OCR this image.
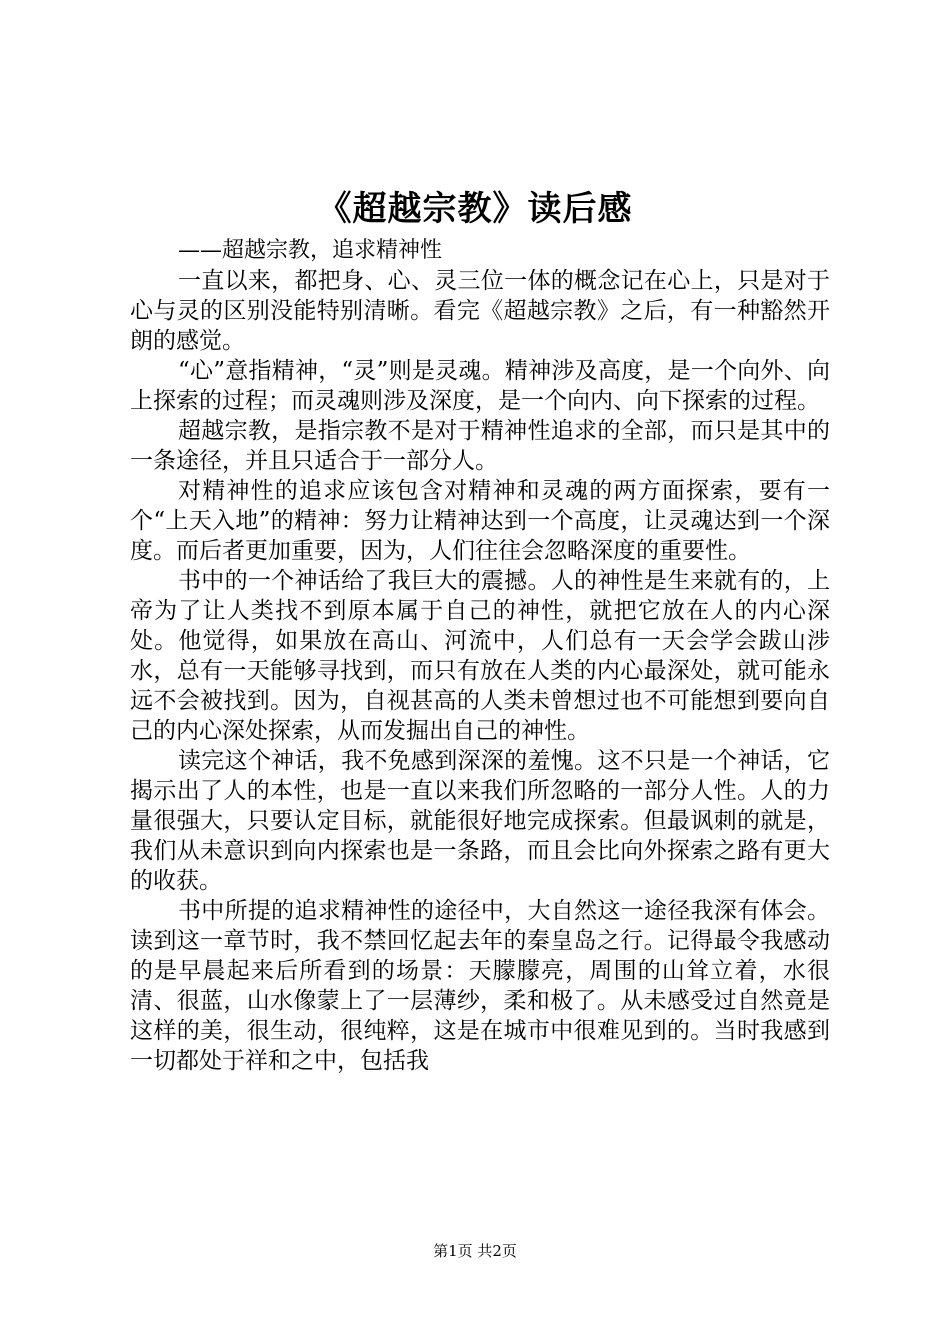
《超越宗教》读后感

——超越宗教，追求精神性

一直以来，都把身、心、灵三位一体的概念记在心上，只是对于心与灵的区别没能特别清晰。看完《超越宗教》之后，有一种豁然开朗的感觉。

“心”意指精神，“灵”则是灵魂。精神涉及高度，是一个向外、向上探索的过程；而灵魂则涉及深度，是一个向内、向下探索的过程。

超越宗教，是指宗教不是对于精神性追求的全部，而只是其中的一条途径，并且只适合于一部分人。

对精神性的追求应该包含对精神和灵魂的两方面探索，要有一个“上天入地”的精神：努力让精神达到一个高度，让灵魂达到一个深度。而后者更加重要，因为，人们往往会忽略深度的重要性。

书中的一个神话给了我巨大的震撼。人的神性是生来就有的，上帝为了让人类找不到原本属于自己的神性，就把它放在人的内心深处。他觉得，如果放在高山、河流中，人们总有一天会学会跋山涉水，总有一天能够寻找到，而只有放在人类的内心最深处，就可能永远不会被找到。因为，自视甚高的人类未曾想过也不可能想到要向自己的内心深处探索，从而发掘出自己的神性。

读完这个神话，我不免感到深深的羞愧。这不只是一个神话，它揭示出了人的本性，也是一直以来我们所忽略的一部分人性。人的力量很强大，只要认定目标，就能很好地完成探索。但最讽刺的就是，我们从未意识到向内探索也是一条路，而且会比向外探索之路有更大的收获。

书中所提的追求精神性的途径中，大自然这一途径我深有体会。读到这一章节时，我不禁回忆起去年的秦皇岛之行。记得最令我感动的是早晨起来后所看到的场景：天朦朦亮，周围的山耸立着，水很清、很蓝，山水像蒙上了一层薄纱，柔和极了。从未感受过自然竟是这样的美，很生动，很纯粹，这是在城市中很难见到的。当时我感到一切都处于祥和之中，包括我

第1页 共2页
